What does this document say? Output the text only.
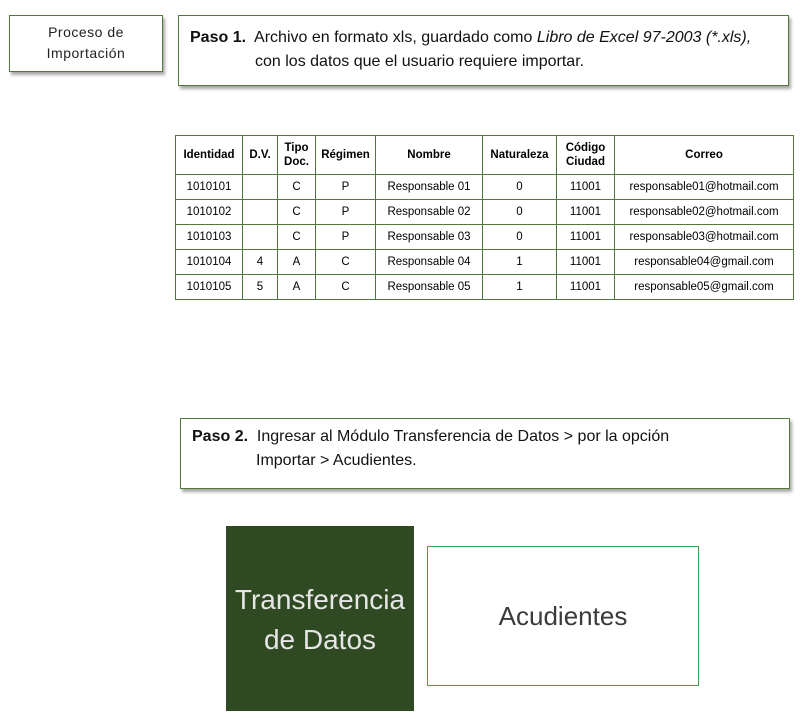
Proceso de
Importación
Paso 1. Archivo en formato xls, guardado como Libro de Excel 97-2003 (*.xls),
con los datos que el usuario requiere importar.
Identidad	D.V.	Tipo Doc.	Régimen	Nombre	Naturaleza	Código Ciudad	Correo
1010101		C	P	Responsable 01	0	11001	responsable01@hotmail.com
1010102		C	P	Responsable 02	0	11001	responsable02@hotmail.com
1010103		C	P	Responsable 03	0	11001	responsable03@hotmail.com
1010104	4	A	C	Responsable 04	1	11001	responsable04@gmail.com
1010105	5	A	C	Responsable 05	1	11001	responsable05@gmail.com
Paso 2. Ingresar al Módulo Transferencia de Datos > por la opción
Importar > Acudientes.
Transferencia
de Datos
Acudientes
